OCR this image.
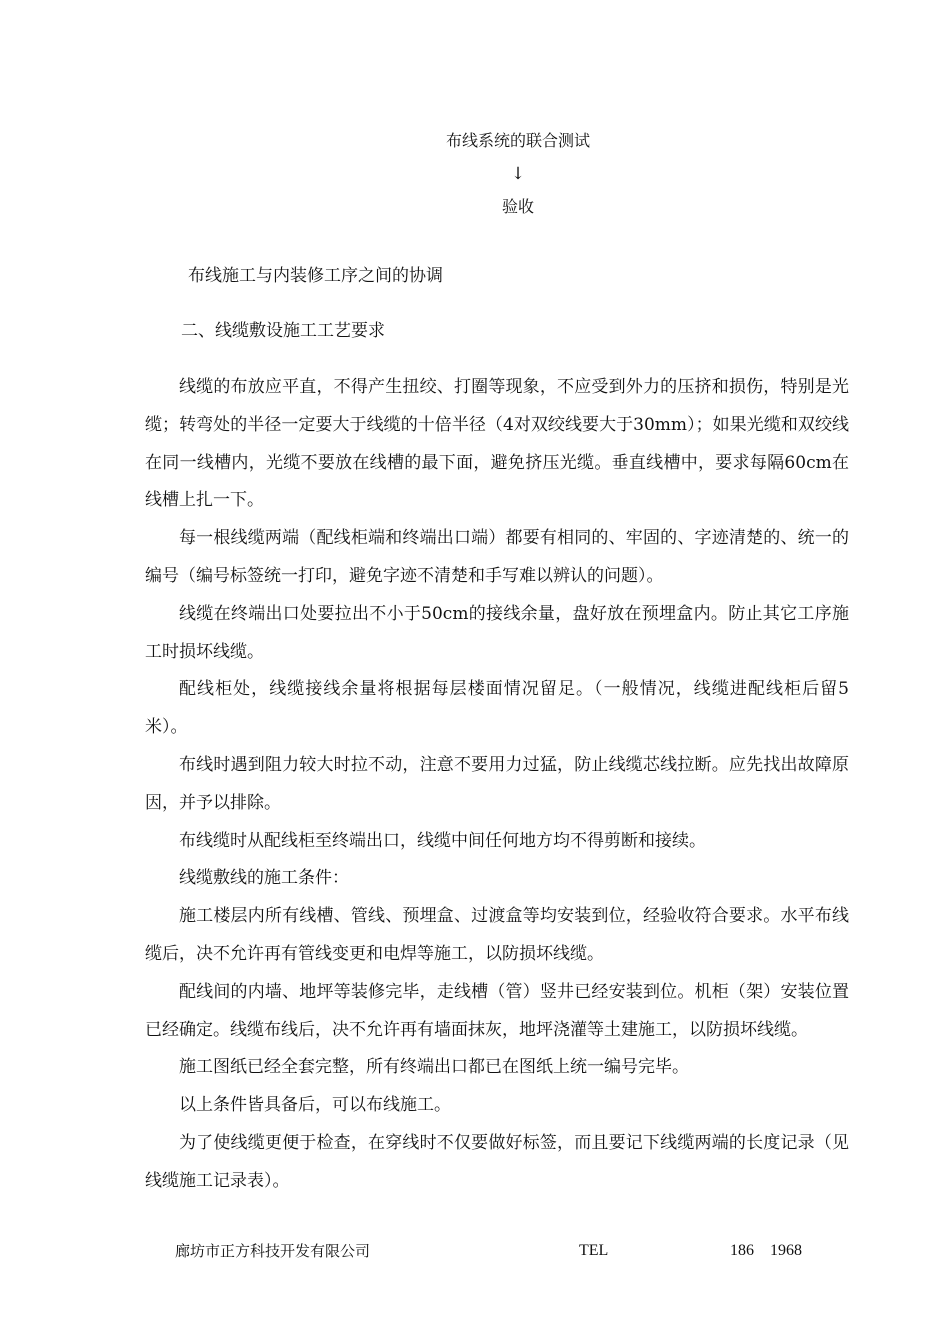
布线系统的联合测试
↓
验收
布线施工与内装修工序之间的协调
二、线缆敷设施工工艺要求

线缆的布放应平直，不得产生扭绞、打圈等现象，不应受到外力的压挤和损伤，特别是光缆；转弯处的半径一定要大于线缆的十倍半径（4对双绞线要大于30mm）；如果光缆和双绞线在同一线槽内，光缆不要放在线槽的最下面，避免挤压光缆。垂直线槽中，要求每隔60cm在线槽上扎一下。

每一根线缆两端（配线柜端和终端出口端）都要有相同的、牢固的、字迹清楚的、统一的编号（编号标签统一打印，避免字迹不清楚和手写难以辨认的问题）。

线缆在终端出口处要拉出不小于50cm的接线余量，盘好放在预埋盒内。防止其它工序施工时损坏线缆。

配线柜处，线缆接线余量将根据每层楼面情况留足。（一般情况，线缆进配线柜后留5米）。

布线时遇到阻力较大时拉不动，注意不要用力过猛，防止线缆芯线拉断。应先找出故障原因，并予以排除。

布线缆时从配线柜至终端出口，线缆中间任何地方均不得剪断和接续。

线缆敷线的施工条件：

施工楼层内所有线槽、管线、预埋盒、过渡盒等均安装到位，经验收符合要求。水平布线缆后，决不允许再有管线变更和电焊等施工，以防损坏线缆。

配线间的内墙、地坪等装修完毕，走线槽（管）竖井已经安装到位。机柜（架）安装位置已经确定。线缆布线后，决不允许再有墙面抹灰，地坪浇灌等土建施工，以防损坏线缆。

施工图纸已经全套完整，所有终端出口都已在图纸上统一编号完毕。

以上条件皆具备后，可以布线施工。

为了使线缆更便于检查，在穿线时不仅要做好标签，而且要记下线缆两端的长度记录（见线缆施工记录表）。

廊坊市正方科技开发有限公司	TEL	186　1968
